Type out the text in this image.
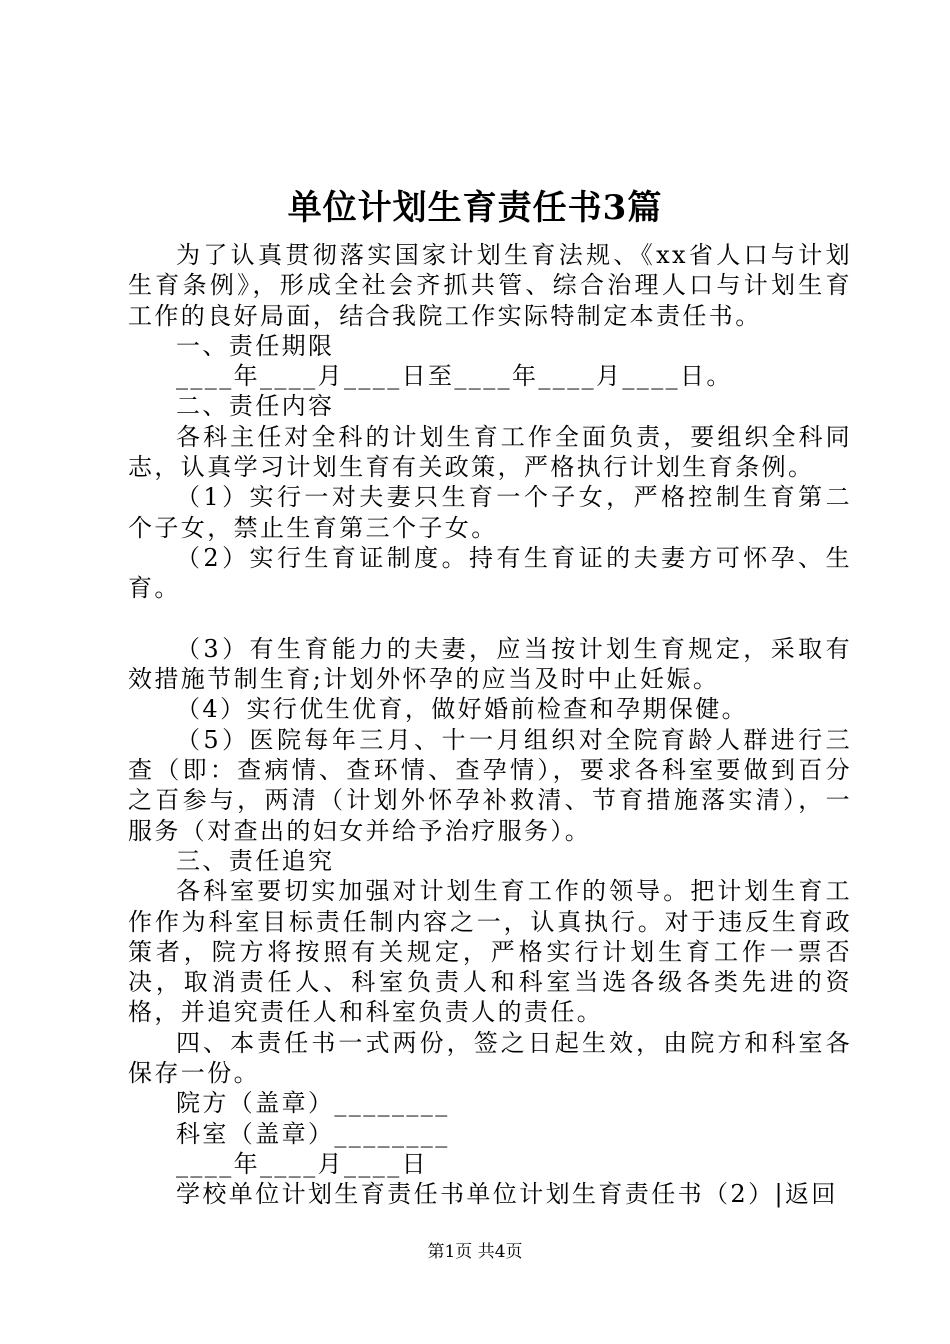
单位计划生育责任书3篇

为了认真贯彻落实国家计划生育法规、《xx省人口与计划生育条例》，形成全社会齐抓共管、综合治理人口与计划生育工作的良好局面，结合我院工作实际特制定本责任书。

一、责任期限

____年____月____日至____年____月____日。

二、责任内容

各科主任对全科的计划生育工作全面负责，要组织全科同志，认真学习计划生育有关政策，严格执行计划生育条例。

（1）实行一对夫妻只生育一个子女，严格控制生育第二个子女，禁止生育第三个子女。

（2）实行生育证制度。持有生育证的夫妻方可怀孕、生育。

（3）有生育能力的夫妻，应当按计划生育规定，采取有效措施节制生育;计划外怀孕的应当及时中止妊娠。

（4）实行优生优育，做好婚前检查和孕期保健。

（5）医院每年三月、十一月组织对全院育龄人群进行三查（即：查病情、查环情、查孕情），要求各科室要做到百分之百参与，两清（计划外怀孕补救清、节育措施落实清），一服务（对查出的妇女并给予治疗服务）。

三、责任追究

各科室要切实加强对计划生育工作的领导。把计划生育工作作为科室目标责任制内容之一，认真执行。对于违反生育政策者，院方将按照有关规定，严格实行计划生育工作一票否决，取消责任人、科室负责人和科室当选各级各类先进的资格，并追究责任人和科室负责人的责任。

四、本责任书一式两份，签之日起生效，由院方和科室各保存一份。

院方（盖章）________

科室（盖章）________

____年____月____日

学校单位计划生育责任书单位计划生育责任书（2）|返回

第1页 共4页
